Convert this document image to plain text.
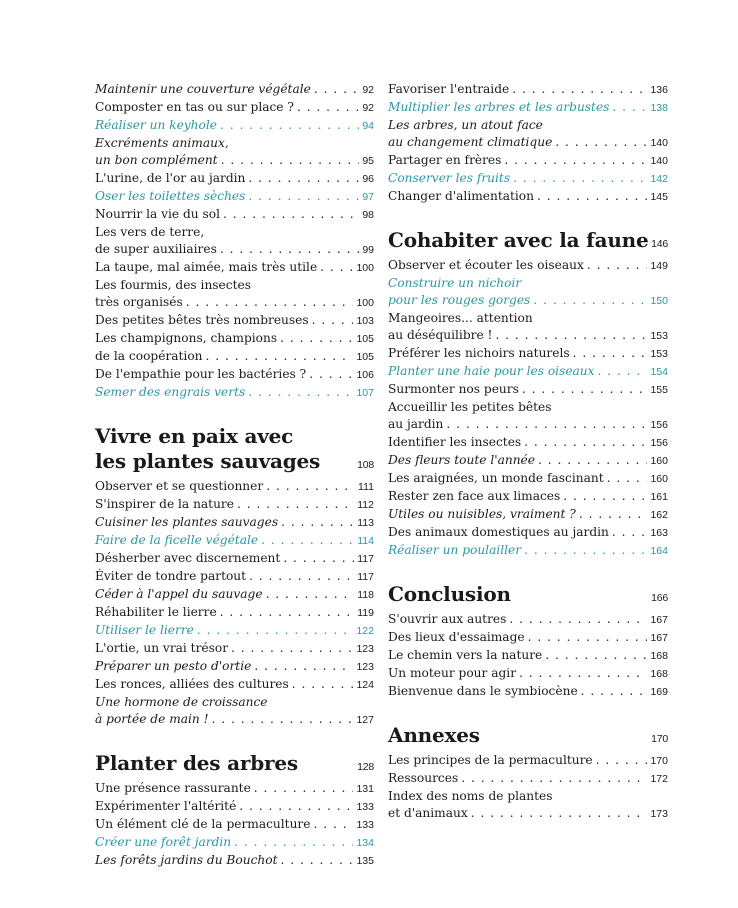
Maintenir une couverture végétale . . .	92
Composter en tas ou sur place ? . . .	92
Réaliser un keyhole . . .	94
Excréments animaux,
un bon complément . . .	95
L'urine, de l'or au jardin . . .	96
Oser les toilettes sèches . . .	97
Nourrir la vie du sol . . .	98
Les vers de terre,
de super auxiliaires . . .	99
La taupe, mal aimée, mais très utile . . .	100
Les fourmis, des insectes
très organisés . . .	100
Des petites bêtes très nombreuses . . .	103
Les champignons, champions . . .	105
de la coopération . . .	105
De l'empathie pour les bactéries ? . . .	106
Semer des engrais verts . . .	107
Vivre en paix avec
les plantes sauvages	108
Observer et se questionner . . .	111
S'inspirer de la nature . . .	112
Cuisiner les plantes sauvages . . .	113
Faire de la ficelle végétale . . .	114
Désherber avec discernement . . .	117
Éviter de tondre partout . . .	117
Céder à l'appel du sauvage . . .	118
Réhabiliter le lierre . . .	119
Utiliser le lierre . . .	122
L'ortie, un vrai trésor . . .	123
Préparer un pesto d'ortie . . .	123
Les ronces, alliées des cultures . . .	124
Une hormone de croissance
à portée de main ! . . .	127
Planter des arbres	128
Une présence rassurante . . .	131
Expérimenter l'altérité . . .	133
Un élément clé de la permaculture . . .	133
Créer une forêt jardin . . .	134
Les forêts jardins du Bouchot . . .	135
Favoriser l'entraide . . .	136
Multiplier les arbres et les arbustes . . .	138
Les arbres, un atout face
au changement climatique . . .	140
Partager en frères . . .	140
Conserver les fruits . . .	142
Changer d'alimentation . . .	145
Cohabiter avec la faune 146
Observer et écouter les oiseaux . . .	149
Construire un nichoir
pour les rouges gorges . . .	150
Mangeoires... attention
au déséquilibre ! . . .	153
Préférer les nichoirs naturels . . .	153
Planter une haie pour les oiseaux . . .	154
Surmonter nos peurs . . .	155
Accueillir les petites bêtes
au jardin . . .	156
Identifier les insectes . . .	156
Des fleurs toute l'année . . .	160
Les araignées, un monde fascinant . . .	160
Rester zen face aux limaces . . .	161
Utiles ou nuisibles, vraiment ? . . .	162
Des animaux domestiques au jardin . . .	163
Réaliser un poulailler . . .	164
Conclusion	166
S'ouvrir aux autres . . .	167
Des lieux d'essaimage . . .	167
Le chemin vers la nature . . .	168
Un moteur pour agir . . .	168
Bienvenue dans le symbiocène . . .	169
Annexes	170
Les principes de la permaculture . . .	170
Ressources . . .	172
Index des noms de plantes
et d'animaux . . .	173
